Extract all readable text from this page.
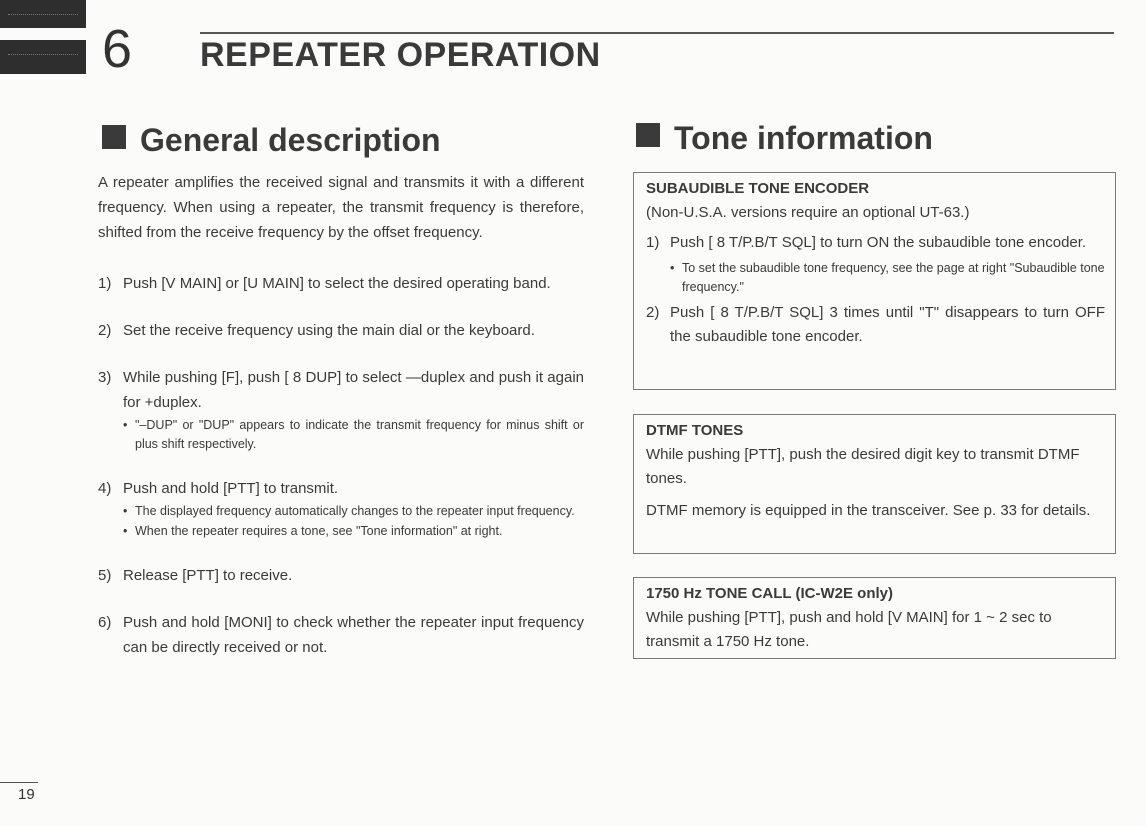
6 REPEATER OPERATION
General description	Tone information

A repeater amplifies the received signal and transmits it with a different frequency. When using a repeater, the transmit frequency is therefore, shifted from the receive frequency by the offset frequency.

1) Push [V MAIN] or [U MAIN] to select the desired operating band.
2) Set the receive frequency using the main dial or the keyboard.
3) While pushing [F], push [ 8 DUP] to select —duplex and push it again for +duplex.
• "–DUP" or "DUP" appears to indicate the transmit frequency for minus shift or plus shift respectively.
4) Push and hold [PTT] to transmit.
• The displayed frequency automatically changes to the repeater input frequency.
• When the repeater requires a tone, see "Tone information" at right.
5) Release [PTT] to receive.
6) Push and hold [MONI] to check whether the repeater input frequency can be directly received or not.
SUBAUDIBLE TONE ENCODER

(Non-U.S.A. versions require an optional UT-63.)

1) Push [ 8 T/P.B/T SQL] to turn ON the subaudible tone encoder.
• To set the subaudible tone frequency, see the page at right "Subaudible tone frequency."
2) Push [ 8 T/P.B/T SQL] 3 times until "T" disappears to turn OFF the subaudible tone encoder.
DTMF TONES

While pushing [PTT], push the desired digit key to transmit DTMF tones.

DTMF memory is equipped in the transceiver. See p. 33 for details.

1750 Hz TONE CALL (IC-W2E only)

While pushing [PTT], push and hold [V MAIN] for 1 ~ 2 sec to transmit a 1750 Hz tone.

19
